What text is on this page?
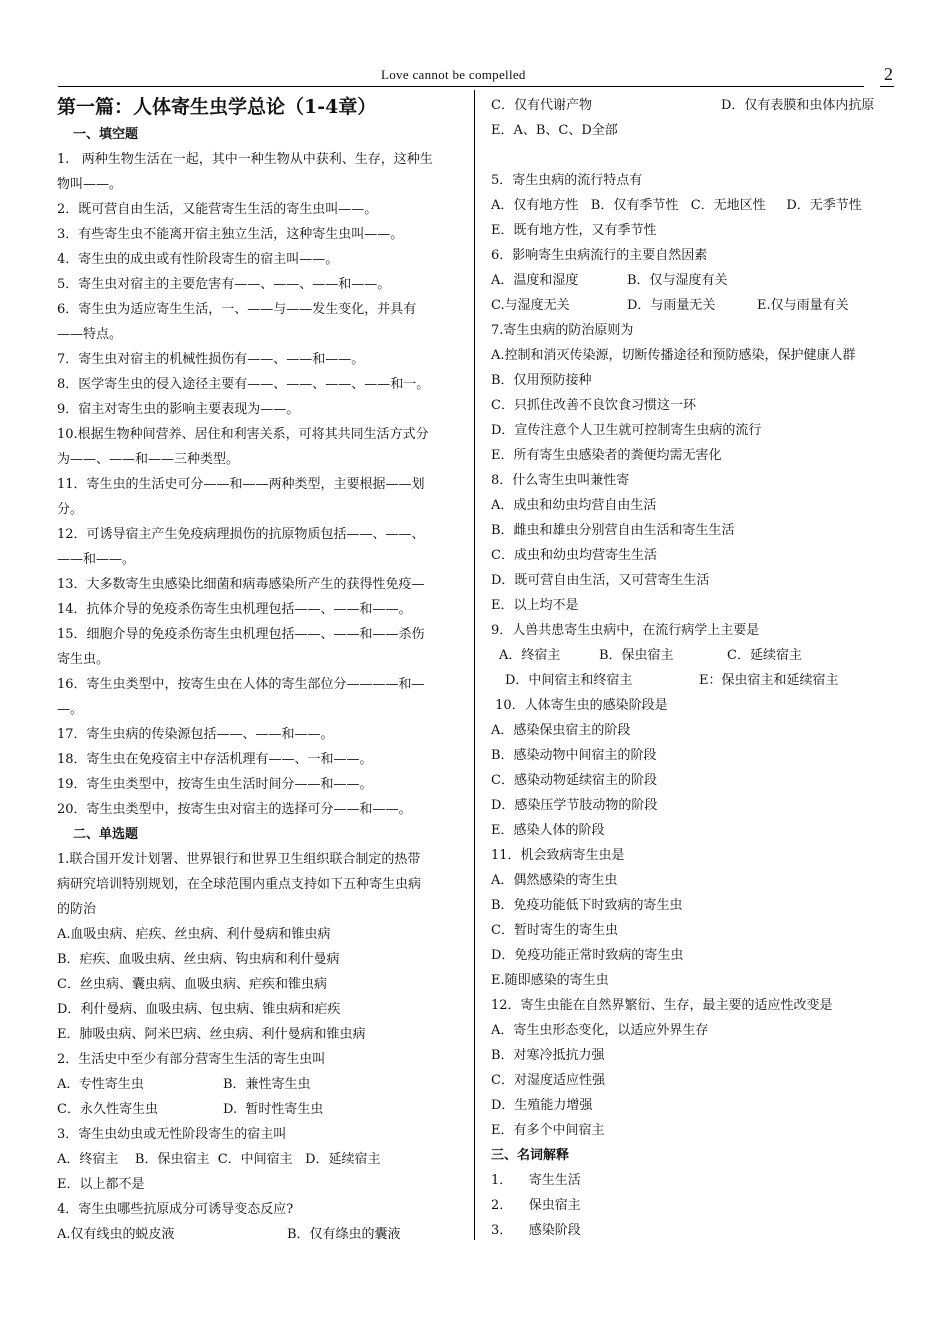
Love cannot be compelled	2
第一篇：人体寄生虫学总论（1-4章）
一、填空题
1.   两种生物生活在一起，其中一种生物从中获利、生存，这种生
物叫——。
2．既可营自由生活，又能营寄生生活的寄生虫叫——。
3．有些寄生虫不能离开宿主独立生活，这种寄生虫叫——。
4．寄生虫的成虫或有性阶段寄生的宿主叫——。
5．寄生虫对宿主的主要危害有——、——、——和——。
6．寄生虫为适应寄生生活，一、——与——发生变化，并具有
——特点。
7．寄生虫对宿主的机械性损伤有——、——和——。
8．医学寄生虫的侵入途径主要有——、——、——、——和一。
9．宿主对寄生虫的影响主要表现为——。
10.根据生物种间营养、居住和利害关系，可将其共同生活方式分
为——、——和——三种类型。
11．寄生虫的生活史可分——和——两种类型，主要根据——划
分。
12．可诱导宿主产生免疫病理损伤的抗原物质包括——、——、
——和——。
13．大多数寄生虫感染比细菌和病毒感染所产生的获得性免疫—
14．抗体介导的免疫杀伤寄生虫机理包括——、——和——。
15．细胞介导的免疫杀伤寄生虫机理包括——、——和——杀伤
寄生虫。
16．寄生虫类型中，按寄生虫在人体的寄生部位分————和—
—。
17．寄生虫病的传染源包括——、——和——。
18．寄生虫在免疫宿主中存活机理有——、一和——。
19．寄生虫类型中，按寄生虫生活时间分——和——。
20．寄生虫类型中，按寄生虫对宿主的选择可分——和——。
二、单选题
1.联合国开发计划署、世界银行和世界卫生组织联合制定的热带
病研究培训特别规划，在全球范围内重点支持如下五种寄生虫病
的防治
A.血吸虫病、疟疾、丝虫病、利什曼病和锥虫病
B．疟疾、血吸虫病、丝虫病、钩虫病和利什曼病
C．丝虫病、囊虫病、血吸虫病、疟疾和锥虫病
D．利什曼病、血吸虫病、包虫病、锥虫病和疟疾
E．肺吸虫病、阿米巴病、丝虫病、利什曼病和锥虫病
2．生活史中至少有部分营寄生生活的寄生虫叫
A.  专性寄生虫	B．兼性寄生虫
C．永久性寄生虫	D.  暂时性寄生虫
3．寄生虫幼虫或无性阶段寄生的宿主叫
A．终宿主    B．保虫宿主  C．中间宿主   D．延续宿主
E．以上都不是
4．寄生虫哪些抗原成分可诱导变态反应?
A.仅有线虫的蜕皮液	B．仅有绦虫的囊液
C．仅有代谢产物	D．仅有表膜和虫体内抗原
E．A、B、C、D全部
5．寄生虫病的流行特点有
A．仅有地方性   B．仅有季节性   C．无地区性     D．无季节性
E．既有地方性，又有季节性
6．影响寄生虫病流行的主要自然因素
A．温度和湿度	B．仅与湿度有关
C.与湿度无关	D．与雨量无关	E.仅与雨量有关
7.寄生虫病的防治原则为
A.控制和消灭传染源，切断传播途径和预防感染，保护健康人群
B．仅用预防接种
C．只抓住改善不良饮食习惯这一环
D．宣传注意个人卫生就可控制寄生虫病的流行
E．所有寄生虫感染者的粪便均需无害化
8．什么寄生虫叫兼性寄
A．成虫和幼虫均营自由生活
B．雌虫和雄虫分别营自由生活和寄生生活
C．成虫和幼虫均营寄生生活
D．既可营自由生活，又可营寄生生活
E．以上均不是
9．人兽共患寄生虫病中，在流行病学上主要是
A．终宿主	B．保虫宿主	C．延续宿主
D．中间宿主和终宿主	E：保虫宿主和延续宿主
10．人体寄生虫的感染阶段是
A．感染保虫宿主的阶段
B．感染动物中间宿主的阶段
C．感染动物延续宿主的阶段
D．感染压学节肢动物的阶段
E．感染人体的阶段
11．机会致病寄生虫是
A．偶然感染的寄生虫
B．免疫功能低下时致病的寄生虫
C．暂时寄生的寄生虫
D．免疫功能正常时致病的寄生虫
E.随即感染的寄生虫
12．寄生虫能在自然界繁衍、生存，最主要的适应性改变是
A．寄生虫形态变化，以适应外界生存
B．对寒冷抵抗力强
C．对湿度适应性强
D．生殖能力增强
E．有多个中间宿主
三、名词解释
1．    寄生生活
2．    保虫宿主
3．    感染阶段
